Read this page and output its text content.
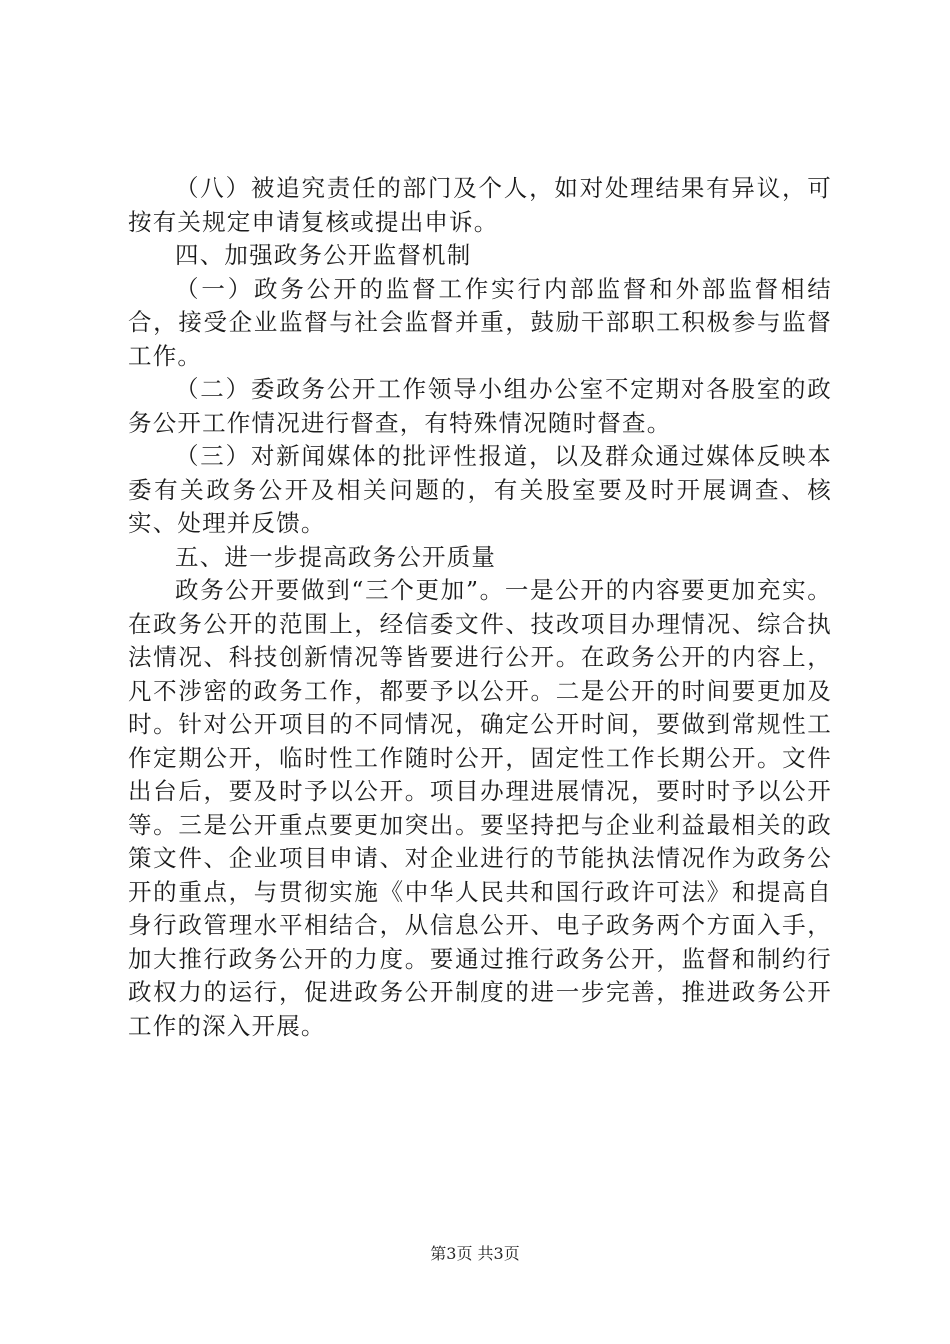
（八）被追究责任的部门及个人，如对处理结果有异议，可按有关规定申请复核或提出申诉。

四、加强政务公开监督机制

（一）政务公开的监督工作实行内部监督和外部监督相结合，接受企业监督与社会监督并重，鼓励干部职工积极参与监督工作。

（二）委政务公开工作领导小组办公室不定期对各股室的政务公开工作情况进行督查，有特殊情况随时督查。

（三）对新闻媒体的批评性报道，以及群众通过媒体反映本委有关政务公开及相关问题的，有关股室要及时开展调查、核实、处理并反馈。

五、进一步提高政务公开质量

政务公开要做到“三个更加”。一是公开的内容要更加充实。在政务公开的范围上，经信委文件、技改项目办理情况、综合执法情况、科技创新情况等皆要进行公开。在政务公开的内容上，凡不涉密的政务工作，都要予以公开。二是公开的时间要更加及时。针对公开项目的不同情况，确定公开时间，要做到常规性工作定期公开，临时性工作随时公开，固定性工作长期公开。文件出台后，要及时予以公开。项目办理进展情况，要时时予以公开等。三是公开重点要更加突出。要坚持把与企业利益最相关的政策文件、企业项目申请、对企业进行的节能执法情况作为政务公开的重点，与贯彻实施《中华人民共和国行政许可法》和提高自身行政管理水平相结合，从信息公开、电子政务两个方面入手，加大推行政务公开的力度。要通过推行政务公开，监督和制约行政权力的运行，促进政务公开制度的进一步完善，推进政务公开工作的深入开展。

第3页 共3页
